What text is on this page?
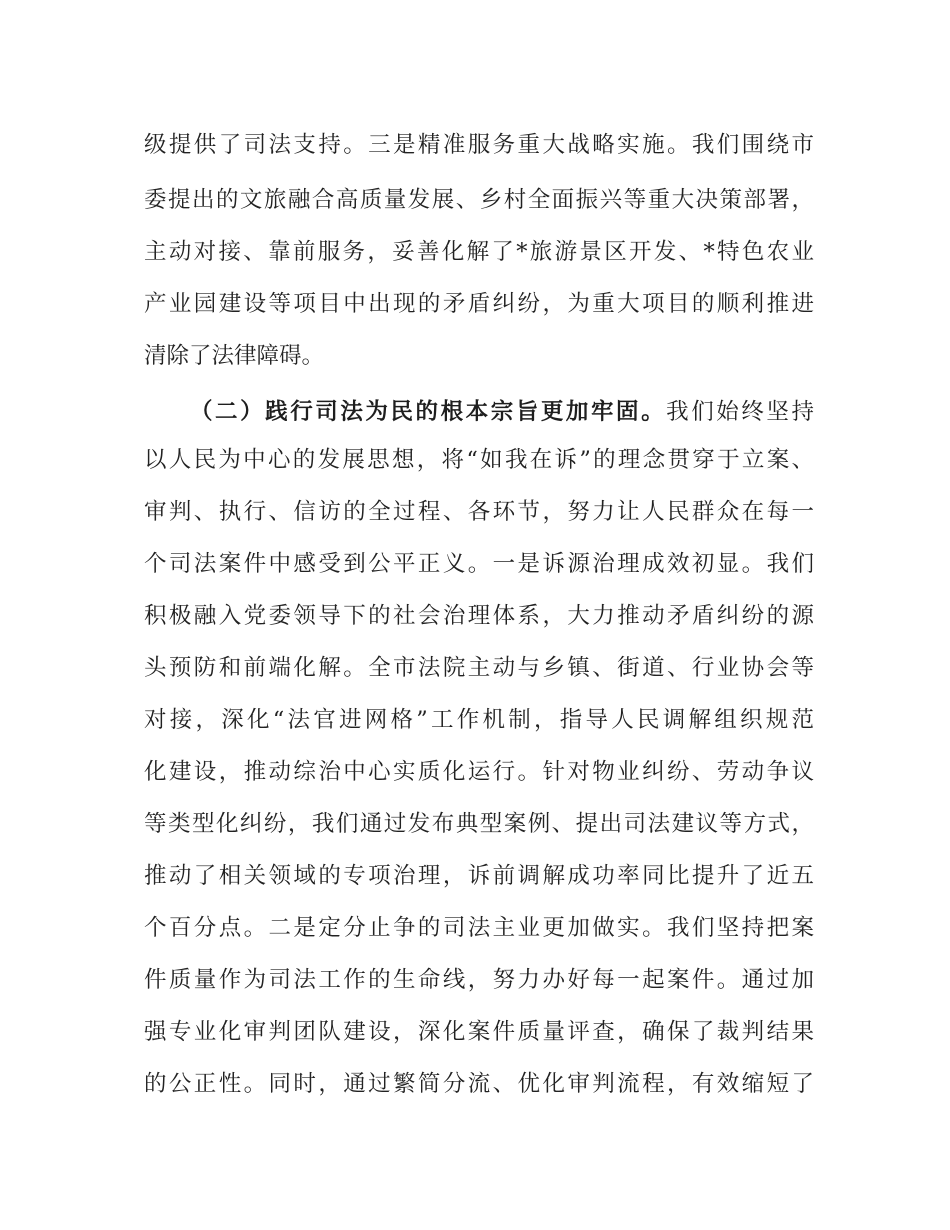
级提供了司法支持。三是精准服务重大战略实施。我们围绕市
委提出的文旅融合高质量发展、乡村全面振兴等重大决策部署，
主动对接、靠前服务，妥善化解了*旅游景区开发、*特色农业
产业园建设等项目中出现的矛盾纠纷，为重大项目的顺利推进
清除了法律障碍。
（二）践行司法为民的根本宗旨更加牢固。我们始终坚持
以人民为中心的发展思想，将“如我在诉”的理念贯穿于立案、
审判、执行、信访的全过程、各环节，努力让人民群众在每一
个司法案件中感受到公平正义。一是诉源治理成效初显。我们
积极融入党委领导下的社会治理体系，大力推动矛盾纠纷的源
头预防和前端化解。全市法院主动与乡镇、街道、行业协会等
对接，深化“法官进网格”工作机制，指导人民调解组织规范
化建设，推动综治中心实质化运行。针对物业纠纷、劳动争议
等类型化纠纷，我们通过发布典型案例、提出司法建议等方式，
推动了相关领域的专项治理，诉前调解成功率同比提升了近五
个百分点。二是定分止争的司法主业更加做实。我们坚持把案
件质量作为司法工作的生命线，努力办好每一起案件。通过加
强专业化审判团队建设，深化案件质量评查，确保了裁判结果
的公正性。同时，通过繁简分流、优化审判流程，有效缩短了
